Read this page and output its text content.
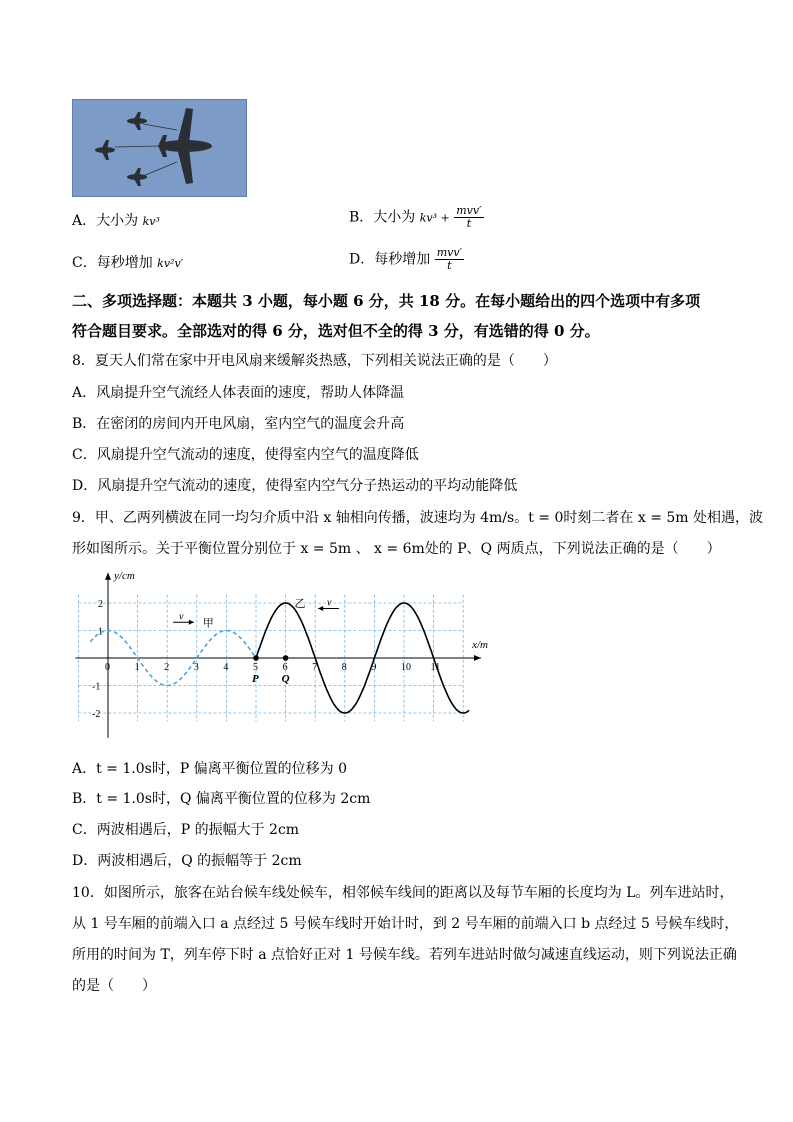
A．大小为 kv³	B．大小为 $kv^3 + \frac{\text{mvv′}}{t}$
C．每秒增加 kv²v′	D．每秒增加 $\frac{\text{mvv′}}{t}$
二、多项选择题：本题共 3 小题，每小题 6 分，共 18 分。在每小题给出的四个选项中有多项
符合题目要求。全部选对的得 6 分，选对但不全的得 3 分，有选错的得 0 分。
8．夏天人们常在家中开电风扇来缓解炎热感，下列相关说法正确的是（　　）
A．风扇提升空气流经人体表面的速度，帮助人体降温
B．在密闭的房间内开电风扇，室内空气的温度会升高
C．风扇提升空气流动的速度，使得室内空气的温度降低
D．风扇提升空气流动的速度，使得室内空气分子热运动的平均动能降低
9．甲、乙两列横波在同一均匀介质中沿 x 轴相向传播，波速均为 4m/s。t = 0时刻二者在 x = 5m 处相遇，波
形如图所示。关于平衡位置分别位于 x = 5m 、 x = 6m处的 P、Q 两质点，下列说法正确的是（　　）
x/m
y/cm
0 1 2 3 4 5 6 7 8 9 10 11
2
1
-1
-2
v 甲
v
乙
P Q
A．t = 1.0s时，P 偏离平衡位置的位移为 0
B．t = 1.0s时，Q 偏离平衡位置的位移为 2cm
C．两波相遇后，P 的振幅大于 2cm
D．两波相遇后，Q 的振幅等于 2cm
10．如图所示，旅客在站台候车线处候车，相邻候车线间的距离以及每节车厢的长度均为 L。列车进站时，
从 1 号车厢的前端入口 a 点经过 5 号候车线时开始计时，到 2 号车厢的前端入口 b 点经过 5 号候车线时，
所用的时间为 T，列车停下时 a 点恰好正对 1 号候车线。若列车进站时做匀减速直线运动，则下列说法正确
的是（　　）
